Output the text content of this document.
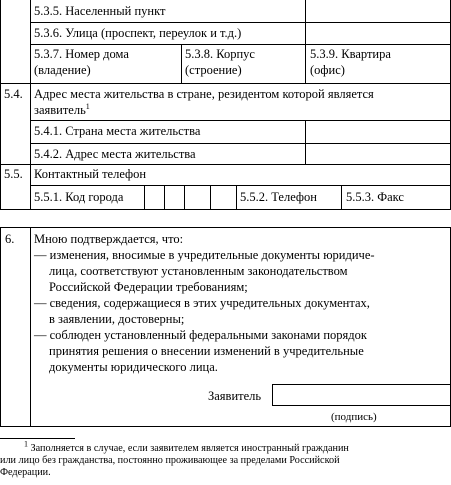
5.3.5. Населенный пункт
5.3.6. Улица (проспект, переулок и т.д.)
5.3.7. Номер дома
(владение)
5.3.8. Корпус
(строение)
5.3.9. Квартира
(офис)
5.4. Адрес места жительства в стране, резидентом которой является
заявитель$^1$
5.4.1. Страна места жительства
5.4.2. Адрес места жительства
5.5. Контактный телефон
5.5.1. Код города	5.5.2. Телефон 5.5.3. Факс
6. Мною подтверждается, что:
— изменения, вносимые в учредительные документы юридиче-
лица, соответствуют установленным законодательством
Российской Федерации требованиям;
— сведения, содержащиеся в этих учредительных документах,
в заявлении, достоверны;
— соблюден установленный федеральными законами порядок
принятия решения о внесении изменений в учредительные
документы юридического лица.
Заявитель
(подпись)
$^1$ Заполняется в случае, если заявителем является иностранный гражданин
или лицо без гражданства, постоянно проживающее за пределами Российской
Федерации.
